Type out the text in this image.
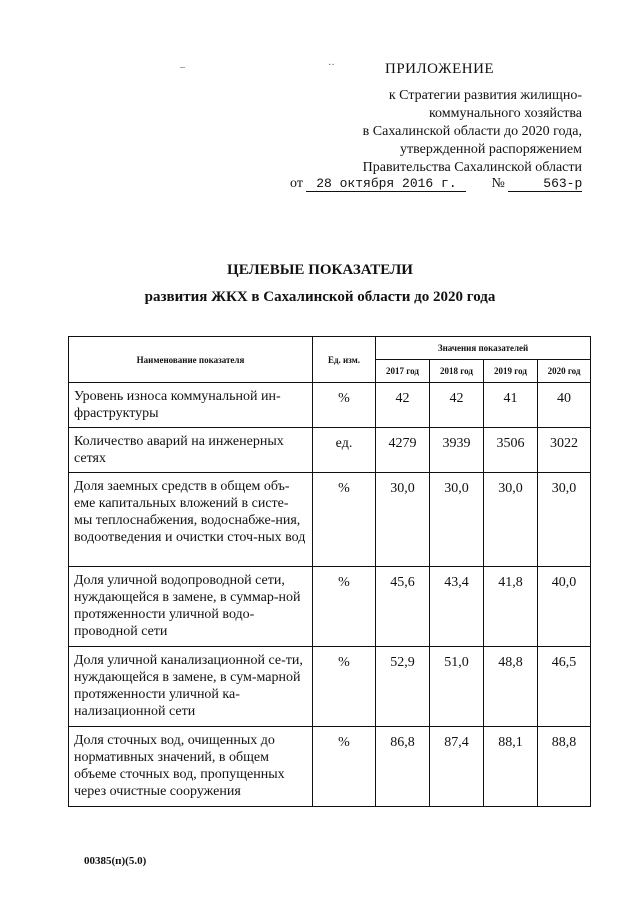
–	··	ПРИЛОЖЕНИЕ
к Стратегии развития жилищно-
коммунального хозяйства
в Сахалинской области до 2020 года,
утвержденной распоряжением
Правительства Сахалинской области
от 28 октября 2016 г. №	563-р
ЦЕЛЕВЫЕ ПОКАЗАТЕЛИ
развития ЖКХ в Сахалинской области до 2020 года
Наименование показателя	Ед. изм.	Значения показателей			
		2017 год	2018 год	2019 год	2020 год
Уровень износа коммунальной ин-фраструктуры	%	42	42	41	40
Количество аварий на инженерных сетях	ед.	4279	3939	3506	3022
Доля заемных средств в общем объ-еме капитальных вложений в систе-мы теплоснабжения, водоснабже-ния, водоотведения и очистки сточ-ных вод	%	30,0	30,0	30,0	30,0
Доля уличной водопроводной сети, нуждающейся в замене, в суммар-ной протяженности уличной водо-проводной сети	%	45,6	43,4	41,8	40,0
Доля уличной канализационной се-ти, нуждающейся в замене, в сум-марной протяженности уличной ка-нализационной сети	%	52,9	51,0	48,8	46,5
Доля сточных вод, очищенных до нормативных значений, в общем объеме сточных вод, пропущенных через очистные сооружения	%	86,8	87,4	88,1	88,8
00385(п)(5.0)
